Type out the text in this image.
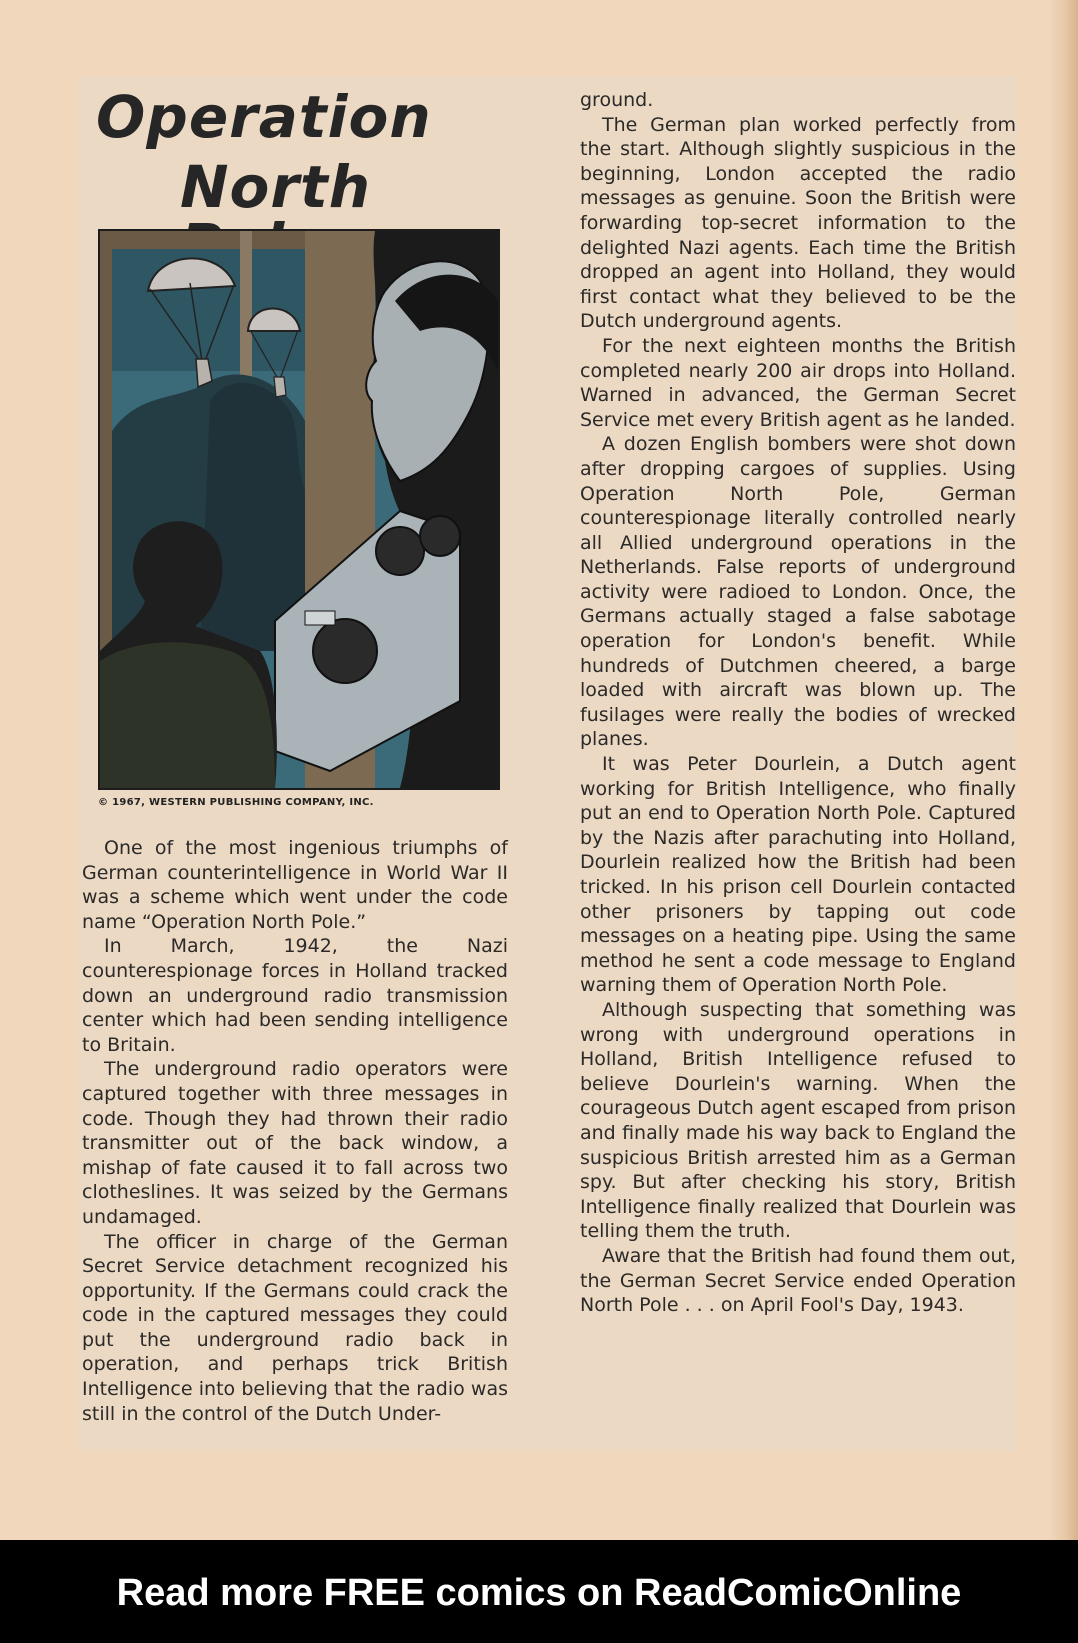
Operation
North
© 1967, WESTERN PUBLISHING COMPANY, INC.

One of the most ingenious triumphs of German counterintelligence in World War II was a scheme which went under the code name “Operation North Pole.”

In March, 1942, the Nazi counterespionage forces in Holland tracked down an underground radio transmission center which had been sending intelligence to Britain.

The underground radio operators were captured together with three messages in code. Though they had thrown their radio transmitter out of the back window, a mishap of fate caused it to fall across two clotheslines. It was seized by the Germans undamaged.

The officer in charge of the German Secret Service detachment recognized his opportunity. If the Germans could crack the code in the captured messages they could put the underground radio back in operation, and perhaps trick British Intelligence into believing that the radio was still in the control of the Dutch Under-

ground.

The German plan worked perfectly from the start. Although slightly suspicious in the beginning, London accepted the radio messages as genuine. Soon the British were forwarding top-secret information to the delighted Nazi agents. Each time the British dropped an agent into Holland, they would first contact what they believed to be the Dutch underground agents.

For the next eighteen months the British completed nearly 200 air drops into Holland. Warned in advanced, the German Secret Service met every British agent as he landed.

A dozen English bombers were shot down after dropping cargoes of supplies. Using Operation North Pole, German counterespionage literally controlled nearly all Allied underground operations in the Netherlands. False reports of underground activity were radioed to London. Once, the Germans actually staged a false sabotage operation for London's benefit. While hundreds of Dutchmen cheered, a barge loaded with aircraft was blown up. The fusilages were really the bodies of wrecked planes.

It was Peter Dourlein, a Dutch agent working for British Intelligence, who finally put an end to Operation North Pole. Captured by the Nazis after parachuting into Holland, Dourlein realized how the British had been tricked. In his prison cell Dourlein contacted other prisoners by tapping out code messages on a heating pipe. Using the same method he sent a code message to England warning them of Operation North Pole.

Although suspecting that something was wrong with underground operations in Holland, British Intelligence refused to believe Dourlein's warning. When the courageous Dutch agent escaped from prison and finally made his way back to England the suspicious British arrested him as a German spy. But after checking his story, British Intelligence finally realized that Dourlein was telling them the truth.

Aware that the British had found them out, the German Secret Service ended Operation North Pole . . . on April Fool's Day, 1943.

Read more FREE comics on ReadComicOnline
